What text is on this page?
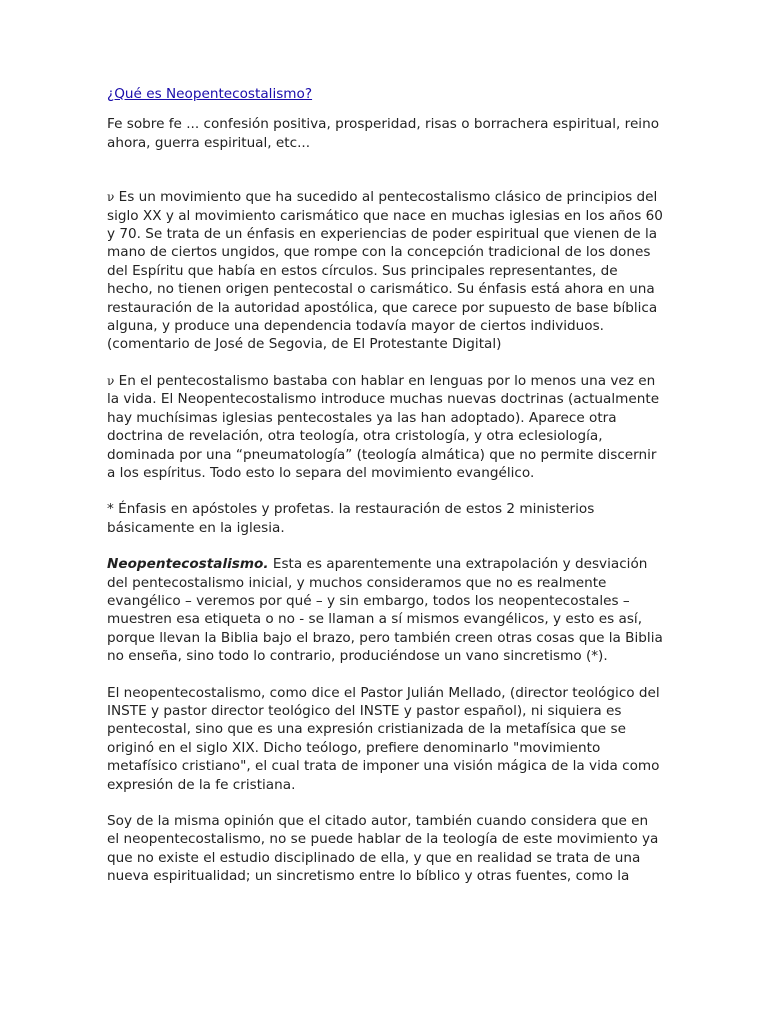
¿Qué es Neopentecostalismo?

Fe sobre fe ... confesión positiva, prosperidad, risas o borrachera espiritual, reino ahora, guerra espiritual, etc...

ν Es un movimiento que ha sucedido al pentecostalismo clásico de principios del siglo XX y al movimiento carismático que nace en muchas iglesias en los años 60 y 70. Se trata de un énfasis en experiencias de poder espiritual que vienen de la mano de ciertos ungidos, que rompe con la concepción tradicional de los dones del Espíritu que había en estos círculos. Sus principales representantes, de hecho, no tienen origen pentecostal o carismático. Su énfasis está ahora en una restauración de la autoridad apostólica, que carece por supuesto de base bíblica alguna, y produce una dependencia todavía mayor de ciertos individuos. (comentario de José de Segovia, de El Protestante Digital)

ν En el pentecostalismo bastaba con hablar en lenguas por lo menos una vez en la vida. El Neopentecostalismo introduce muchas nuevas doctrinas (actualmente hay muchísimas iglesias pentecostales ya las han adoptado). Aparece otra doctrina de revelación, otra teología, otra cristología, y otra eclesiología, dominada por una “pneumatología” (teología almática) que no permite discernir a los espíritus. Todo esto lo separa del movimiento evangélico.

* Énfasis en apóstoles y profetas. la restauración de estos 2 ministerios básicamente en la iglesia.

Neopentecostalismo. Esta es aparentemente una extrapolación y desviación del pentecostalismo inicial, y muchos consideramos que no es realmente evangélico – veremos por qué – y sin embargo, todos los neopentecostales – muestren esa etiqueta o no - se llaman a sí mismos evangélicos, y esto es así, porque llevan la Biblia bajo el brazo, pero también creen otras cosas que la Biblia no enseña, sino todo lo contrario, produciéndose un vano sincretismo (*).

El neopentecostalismo, como dice el Pastor Julián Mellado, (director teológico del INSTE y pastor director teológico del INSTE y pastor español), ni siquiera es pentecostal, sino que es una expresión cristianizada de la metafísica que se originó en el siglo XIX. Dicho teólogo, prefiere denominarlo "movimiento metafísico cristiano", el cual trata de imponer una visión mágica de la vida como expresión de la fe cristiana.

Soy de la misma opinión que el citado autor, también cuando considera que en el neopentecostalismo, no se puede hablar de la teología de este movimiento ya que no existe el estudio disciplinado de ella, y que en realidad se trata de una nueva espiritualidad; un sincretismo entre lo bíblico y otras fuentes, como la
